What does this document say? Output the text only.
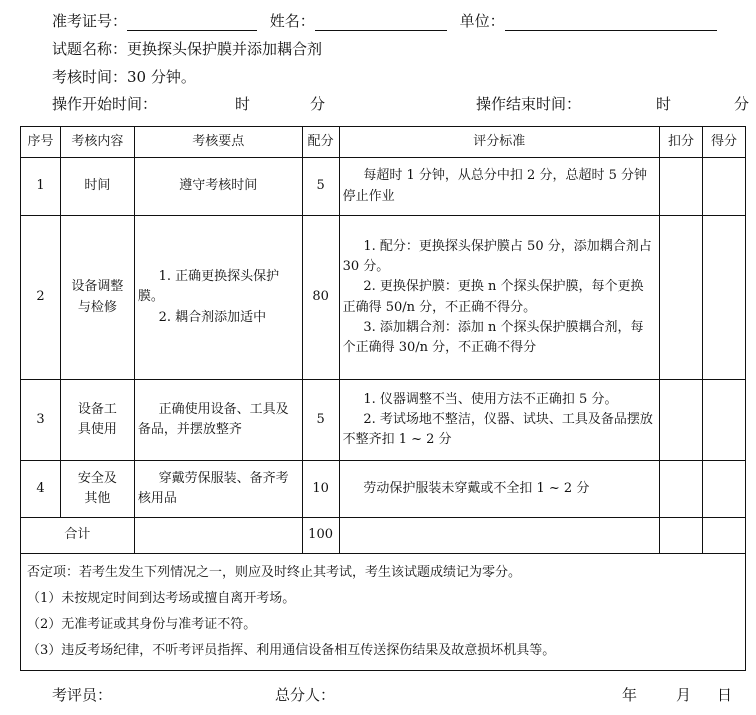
准考证号：	姓名：	单位：
试题名称：更换探头保护膜并添加耦合剂
考核时间：30 分钟。
操作开始时间：	时	分	操作结束时间：	时	分
序号	考核内容	考核要点	配分	评分标准	扣分	得分
1	时间	遵守考核时间	5	每超时 1 分钟，从总分中扣 2 分，总超时 5 分钟停止作业		

2	设备调整
与检修	1. 正确更换探头保护膜。
2. 耦合剂添加适中	80	1. 配分：更换探头保护膜占 50 分，添加耦合剂占 30 分。
2. 更换保护膜：更换 n 个探头保护膜，每个更换正确得 50/n 分，不正确不得分。
3. 添加耦合剂：添加 n 个探头保护膜耦合剂，每个正确得 30/n 分，不正确不得分		

3	设备工
具使用	正确使用设备、工具及备品，并摆放整齐	5	1. 仪器调整不当、使用方法不正确扣 5 分。
2. 考试场地不整洁，仪器、试块、工具及备品摆放不整齐扣 1 ~ 2 分		

4	安全及
其他	穿戴劳保服装、备齐考核用品	10	劳动保护服装未穿戴或不全扣 1 ~ 2 分		

合计			100			

否定项：若考生发生下列情况之一，则应及时终止其考试，考生该试题成绩记为零分。
（1）未按规定时间到达考场或擅自离开考场。
（2）无准考证或其身份与准考证不符。
（3）违反考场纪律，不听考评员指挥、利用通信设备相互传送探伤结果及故意损坏机具等。						
考评员：	总分人：	年	月 日
